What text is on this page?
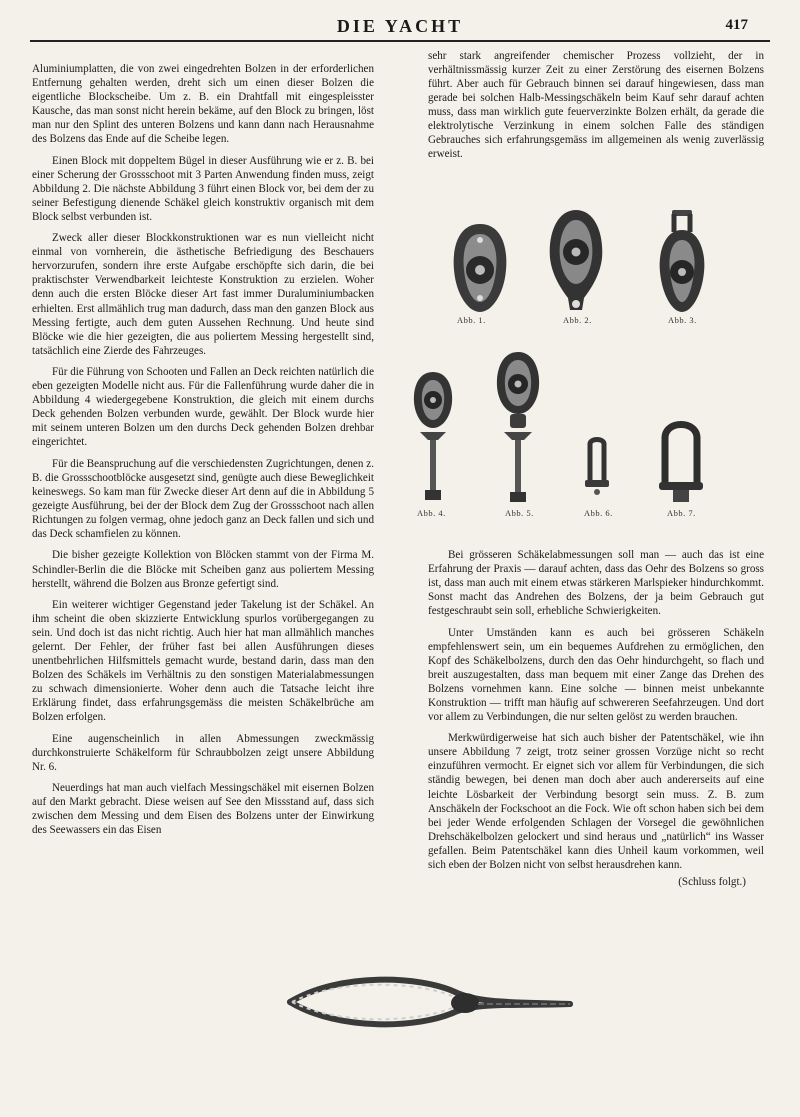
DIE YACHT	417

Aluminiumplatten, die von zwei eingedrehten Bolzen in der erforderlichen Entfernung gehalten werden, dreht sich um einen dieser Bolzen die eigentliche Blockscheibe. Um z. B. ein Drahtfall mit eingespleisster Kausche, das man sonst nicht herein bekäme, auf den Block zu bringen, löst man nur den Splint des unteren Bolzens und kann dann nach Herausnahme des Bolzens das Ende auf die Scheibe legen.

Einen Block mit doppeltem Bügel in dieser Ausführung wie er z. B. bei einer Scherung der Grossschoot mit 3 Parten Anwendung finden muss, zeigt Abbildung 2. Die nächste Abbildung 3 führt einen Block vor, bei dem der zu seiner Befestigung dienende Schäkel gleich konstruktiv organisch mit dem Block selbst verbunden ist.

Zweck aller dieser Blockkonstruktionen war es nun vielleicht nicht einmal von vornherein, die ästhetische Befriedigung des Beschauers hervorzurufen, sondern ihre erste Aufgabe erschöpfte sich darin, die bei praktischster Verwendbarkeit leichteste Konstruktion zu erzielen. Woher denn auch die ersten Blöcke dieser Art fast immer Duraluminiumbacken erhielten. Erst allmählich trug man dadurch, dass man den ganzen Block aus Messing fertigte, auch dem guten Aussehen Rechnung. Und heute sind Blöcke wie die hier gezeigten, die aus poliertem Messing hergestellt sind, tatsächlich eine Zierde des Fahrzeuges.

Für die Führung von Schooten und Fallen an Deck reichten natürlich die eben gezeigten Modelle nicht aus. Für die Fallenführung wurde daher die in Abbildung 4 wiedergegebene Konstruktion, die gleich mit einem durchs Deck gehenden Bolzen verbunden wurde, gewählt. Der Block wurde hier mit seinem unteren Bolzen um den durchs Deck gehenden Bolzen drehbar eingerichtet.

Für die Beanspruchung auf die verschiedensten Zugrichtungen, denen z. B. die Grossschootblöcke ausgesetzt sind, genügte auch diese Beweglichkeit keineswegs. So kam man für Zwecke dieser Art denn auf die in Abbildung 5 gezeigte Ausführung, bei der der Block dem Zug der Grossschoot nach allen Richtungen zu folgen vermag, ohne jedoch ganz an Deck fallen und sich und das Deck schamfielen zu können.

Die bisher gezeigte Kollektion von Blöcken stammt von der Firma M. Schindler-Berlin die die Blöcke mit Scheiben ganz aus poliertem Messing herstellt, während die Bolzen aus Bronze gefertigt sind.

Ein weiterer wichtiger Gegenstand jeder Takelung ist der Schäkel. An ihm scheint die oben skizzierte Entwicklung spurlos vorübergegangen zu sein. Und doch ist das nicht richtig. Auch hier hat man allmählich manches gelernt. Der Fehler, der früher fast bei allen Ausführungen dieses unentbehrlichen Hilfsmittels gemacht wurde, bestand darin, dass man den Bolzen des Schäkels im Verhältnis zu den sonstigen Materialabmessungen zu schwach dimensionierte. Woher denn auch die Tatsache leicht ihre Erklärung findet, dass erfahrungsgemäss die meisten Schäkelbrüche am Bolzen erfolgen.

Eine augenscheinlich in allen Abmessungen zweckmässig durchkonstruierte Schäkelform für Schraubbolzen zeigt unsere Abbildung Nr. 6.

Neuerdings hat man auch vielfach Messingschäkel mit eisernen Bolzen auf den Markt gebracht. Diese weisen auf See den Missstand auf, dass sich zwischen dem Messing und dem Eisen des Bolzens unter der Einwirkung des Seewassers ein das Eisen

sehr stark angreifender chemischer Prozess vollzieht, der in verhältnissmässig kurzer Zeit zu einer Zerstörung des eisernen Bolzens führt. Aber auch für Gebrauch binnen sei darauf hingewiesen, dass man gerade bei solchen Halb-Messingschäkeln beim Kauf sehr darauf achten muss, dass man wirklich gute feuerverzinkte Bolzen erhält, da gerade die elektrolytische Verzinkung in einem solchen Falle des ständigen Gebrauches sich erfahrungsgemäss im allgemeinen als wenig zuverlässig erweist.

Abb. 1.	Abb. 2.	Abb. 3.
Abb. 4.	Abb. 5.	Abb. 6.	Abb. 7.

Bei grösseren Schäkelabmessungen soll man — auch das ist eine Erfahrung der Praxis — darauf achten, dass das Oehr des Bolzens so gross ist, dass man auch mit einem etwas stärkeren Marlspieker hindurchkommt. Sonst macht das Andrehen des Bolzens, der ja beim Gebrauch gut festgeschraubt sein soll, erhebliche Schwierigkeiten.

Unter Umständen kann es auch bei grösseren Schäkeln empfehlenswert sein, um ein bequemes Aufdrehen zu ermöglichen, den Kopf des Schäkelbolzens, durch den das Oehr hindurchgeht, so flach und breit auszugestalten, dass man bequem mit einer Zange das Drehen des Bolzens vornehmen kann. Eine solche — binnen meist unbekannte Konstruktion — trifft man häufig auf schwereren Seefahrzeugen. Und dort vor allem zu Verbindungen, die nur selten gelöst zu werden brauchen.

Merkwürdigerweise hat sich auch bisher der Patentschäkel, wie ihn unsere Abbildung 7 zeigt, trotz seiner grossen Vorzüge nicht so recht einzuführen vermocht. Er eignet sich vor allem für Verbindungen, die sich ständig bewegen, bei denen man doch aber auch andererseits auf eine leichte Lösbarkeit der Verbindung besorgt sein muss. Z. B. zum Anschäkeln der Fockschoot an die Fock. Wie oft schon haben sich bei dem bei jeder Wende erfolgenden Schlagen der Vorsegel die gewöhnlichen Drehschäkelbolzen gelockert und sind heraus und „natürlich“ ins Wasser gefallen. Beim Patentschäkel kann dies Unheil kaum vorkommen, weil sich eben der Bolzen nicht von selbst herausdrehen kann.

(Schluss folgt.)
